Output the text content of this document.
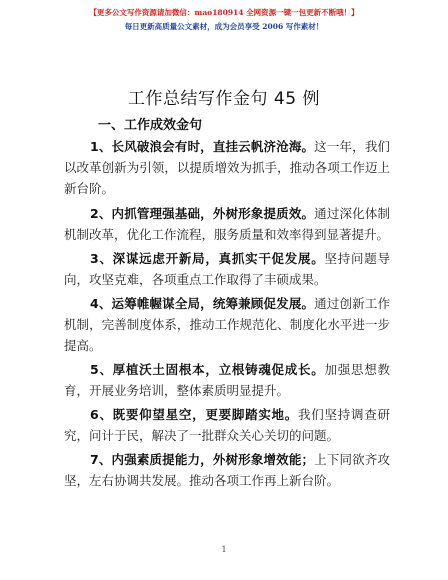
【更多公文写作资源请加微信：mao180914 全网资源一键一包更新不断哦！】
每日更新高质量公文素材，成为会员享受 2006 写作素材！
工作总结写作金句 45 例
一、工作成效金句
1、长风破浪会有时，直挂云帆济沧海。这一年，我们以改革创新为引领，以提质增效为抓手，推动各项工作迈上新台阶。
2、内抓管理强基础，外树形象提质效。通过深化体制机制改革，优化工作流程，服务质量和效率得到显著提升。
3、深谋远虑开新局，真抓实干促发展。坚持问题导向，攻坚克难，各项重点工作取得了丰硕成果。
4、运筹帷幄谋全局，统筹兼顾促发展。通过创新工作机制，完善制度体系，推动工作规范化、制度化水平进一步提高。
5、厚植沃土固根本，立根铸魂促成长。加强思想教育，开展业务培训，整体素质明显提升。
6、既要仰望星空，更要脚踏实地。我们坚持调查研究，问计于民，解决了一批群众关心关切的问题。
7、内强素质提能力，外树形象增效能；上下同欲齐攻坚，左右协调共发展。推动各项工作再上新台阶。
1
